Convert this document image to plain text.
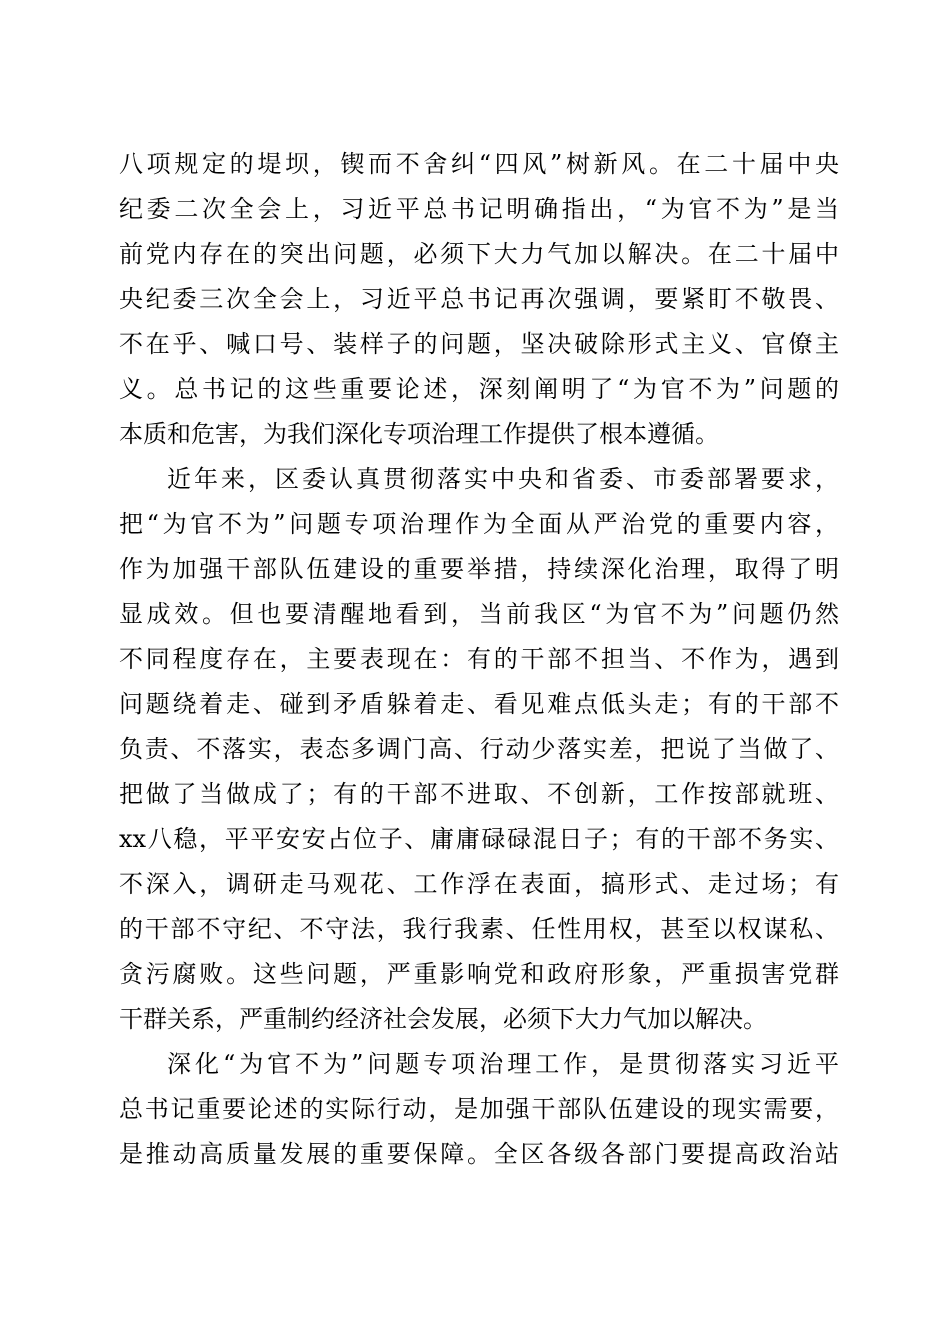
八项规定的堤坝，锲而不舍纠“四风”树新风。在二十届中央
纪委二次全会上，习近平总书记明确指出，“为官不为”是当
前党内存在的突出问题，必须下大力气加以解决。在二十届中
央纪委三次全会上，习近平总书记再次强调，要紧盯不敬畏、
不在乎、喊口号、装样子的问题，坚决破除形式主义、官僚主
义。总书记的这些重要论述，深刻阐明了“为官不为”问题的
本质和危害，为我们深化专项治理工作提供了根本遵循。
近年来，区委认真贯彻落实中央和省委、市委部署要求，
把“为官不为”问题专项治理作为全面从严治党的重要内容，
作为加强干部队伍建设的重要举措，持续深化治理，取得了明
显成效。但也要清醒地看到，当前我区“为官不为”问题仍然
不同程度存在，主要表现在：有的干部不担当、不作为，遇到
问题绕着走、碰到矛盾躲着走、看见难点低头走；有的干部不
负责、不落实，表态多调门高、行动少落实差，把说了当做了、
把做了当做成了；有的干部不进取、不创新，工作按部就班、
xx八稳，平平安安占位子、庸庸碌碌混日子；有的干部不务实、
不深入，调研走马观花、工作浮在表面，搞形式、走过场；有
的干部不守纪、不守法，我行我素、任性用权，甚至以权谋私、
贪污腐败。这些问题，严重影响党和政府形象，严重损害党群
干群关系，严重制约经济社会发展，必须下大力气加以解决。
深化“为官不为”问题专项治理工作，是贯彻落实习近平
总书记重要论述的实际行动，是加强干部队伍建设的现实需要，
是推动高质量发展的重要保障。全区各级各部门要提高政治站
